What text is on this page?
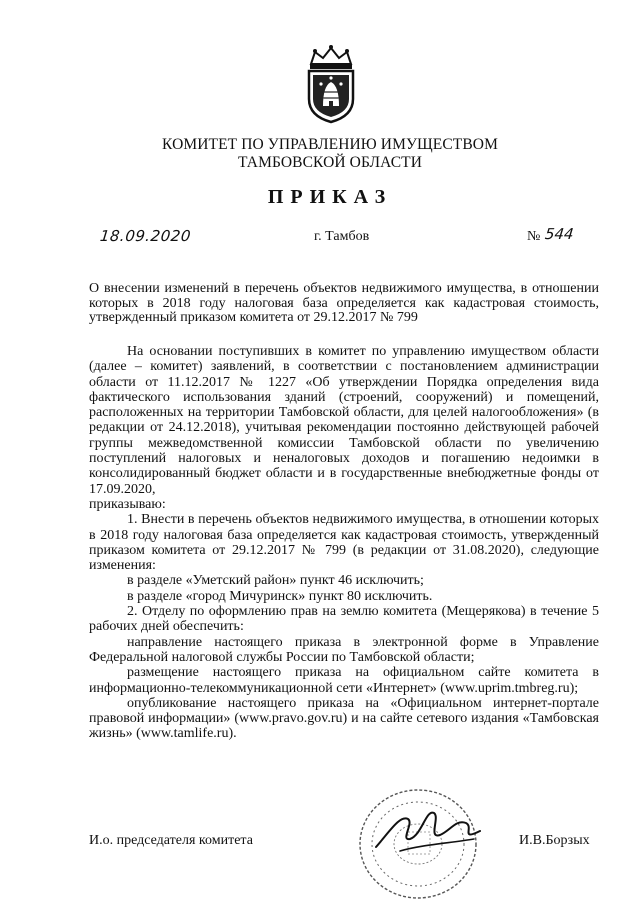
КОМИТЕТ ПО УПРАВЛЕНИЮ ИМУЩЕСТВОМ
ТАМБОВСКОЙ ОБЛАСТИ
ПРИКАЗ
18.09.2020	г. Тамбов	№ 544
О внесении изменений в перечень объектов недвижимого имущества, в отношении которых в 2018 году налоговая база определяется как кадастровая стоимость, утвержденный приказом комитета от 29.12.2017 № 799

На основании поступивших в комитет по управлению имуществом области (далее – комитет) заявлений, в соответствии с постановлением администрации области от 11.12.2017 № 1227 «Об утверждении Порядка определения вида фактического использования зданий (строений, сооружений) и помещений, расположенных на территории Тамбовской области, для целей налогообложения» (в редакции от 24.12.2018), учитывая рекомендации постоянно действующей рабочей группы межведомственной комиссии Тамбовской области по увеличению поступлений налоговых и неналоговых доходов и погашению недоимки в консолидированный бюджет области и в государственные внебюджетные фонды от 17.09.2020,

приказываю:

1. Внести в перечень объектов недвижимого имущества, в отношении которых в 2018 году налоговая база определяется как кадастровая стоимость, утвержденный приказом комитета от 29.12.2017 № 799 (в редакции от 31.08.2020), следующие изменения:

в разделе «Уметский район» пункт 46 исключить;

в разделе «город Мичуринск» пункт 80 исключить.

2. Отделу по оформлению прав на землю комитета (Мещерякова) в течение 5 рабочих дней обеспечить:

направление настоящего приказа в электронной форме в Управление Федеральной налоговой службы России по Тамбовской области;

размещение настоящего приказа на официальном сайте комитета в информационно-телекоммуникационной сети «Интернет» (www.uprim.tmbreg.ru);

опубликование настоящего приказа на «Официальном интернет-портале правовой информации» (www.pravo.gov.ru) и на сайте сетевого издания «Тамбовская жизнь» (www.tamlife.ru).

И.о. председателя комитета	И.В.Борзых
